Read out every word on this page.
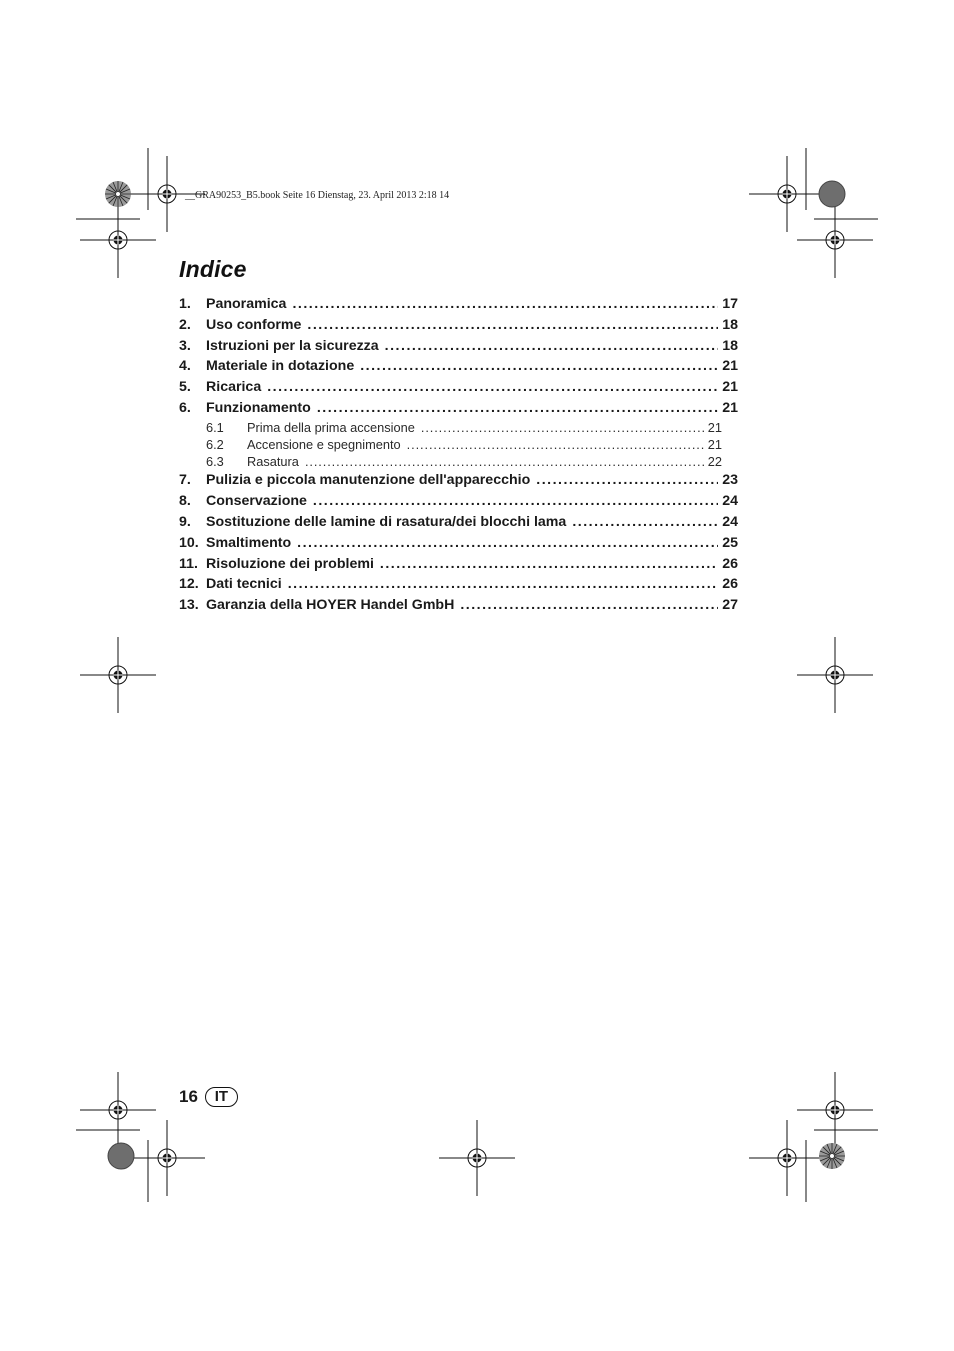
__GRA90253_B5.book Seite 16 Dienstag, 23. April 2013 2:18 14
Indice
1.	Panoramica .....	17
2.	Uso conforme .....	18
3.	Istruzioni per la sicurezza .....	18
4.	Materiale in dotazione .....	21
5.	Ricarica .....	21
6.	Funzionamento .....	21
6.1	Prima della prima accensione .....	21
6.2	Accensione e spegnimento .....	21
6.3	Rasatura .....	22
7.	Pulizia e piccola manutenzione dell'apparecchio .....	23
8.	Conservazione .....	24
9.	Sostituzione delle lamine di rasatura/dei blocchi lama .....	24
10. Smaltimento .....	25
11. Risoluzione dei problemi .....	26
12. Dati tecnici .....	26
13. Garanzia della HOYER Handel GmbH .....	27
16	IT
